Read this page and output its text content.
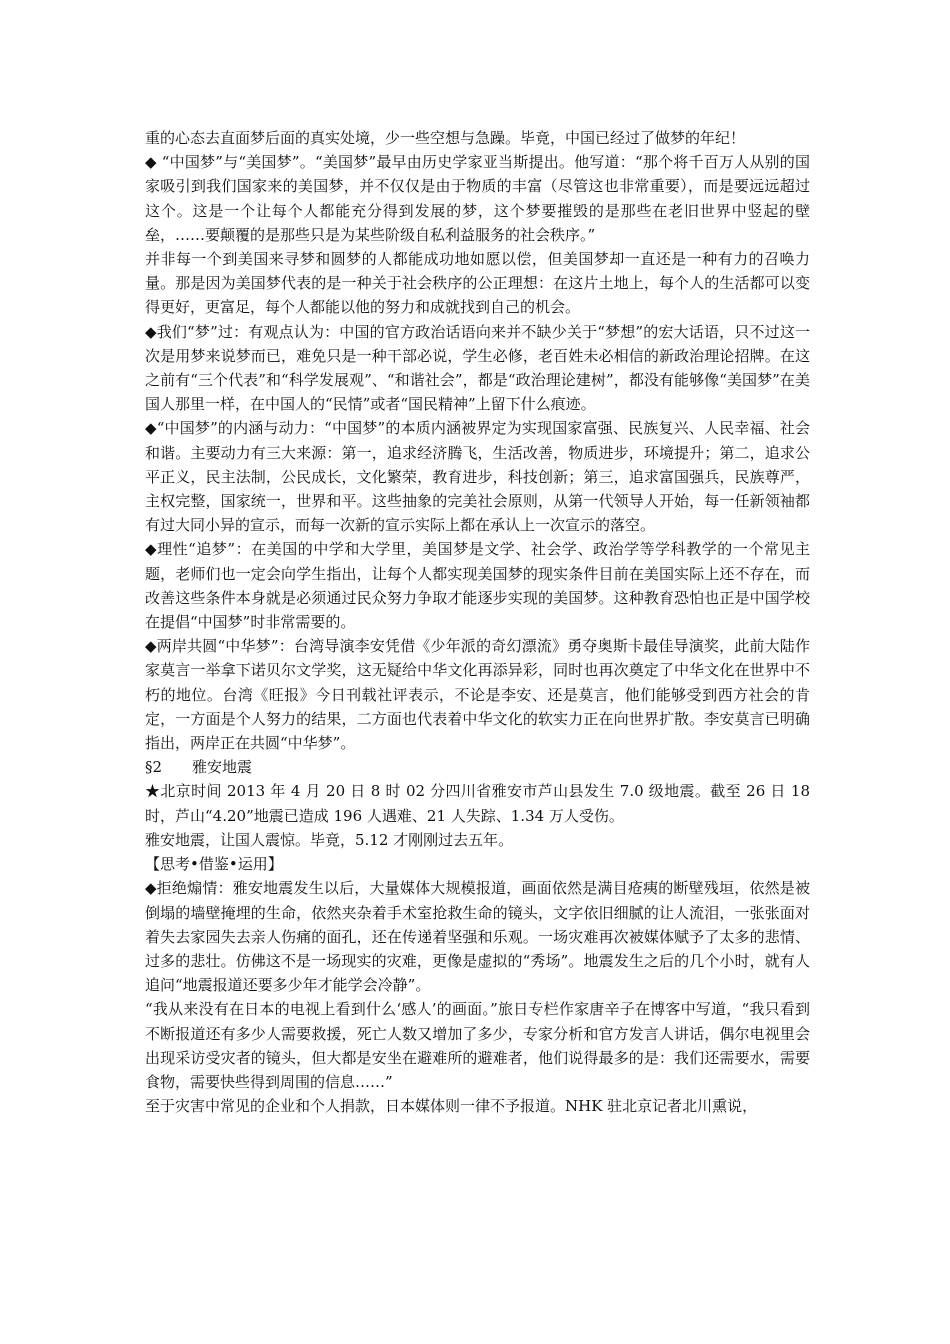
重的心态去直面梦后面的真实处境，少一些空想与急躁。毕竟，中国已经过了做梦的年纪！

◆ “中国梦”与“美国梦”。“美国梦”最早由历史学家亚当斯提出。他写道：“那个将千百万人从别的国家吸引到我们国家来的美国梦，并不仅仅是由于物质的丰富（尽管这也非常重要），而是要远远超过这个。这是一个让每个人都能充分得到发展的梦，这个梦要摧毁的是那些在老旧世界中竖起的壁垒，……要颠覆的是那些只是为某些阶级自私利益服务的社会秩序。”

并非每一个到美国来寻梦和圆梦的人都能成功地如愿以偿，但美国梦却一直还是一种有力的召唤力量。那是因为美国梦代表的是一种关于社会秩序的公正理想：在这片土地上，每个人的生活都可以变得更好，更富足，每个人都能以他的努力和成就找到自己的机会。

◆我们“梦”过：有观点认为：中国的官方政治话语向来并不缺少关于“梦想”的宏大话语，只不过这一次是用梦来说梦而已，难免只是一种干部必说，学生必修，老百姓未必相信的新政治理论招牌。在这之前有“三个代表”和“科学发展观”、“和谐社会”，都是“政治理论建树”，都没有能够像“美国梦”在美国人那里一样，在中国人的“民情”或者“国民精神”上留下什么痕迹。

◆“中国梦”的内涵与动力：“中国梦”的本质内涵被界定为实现国家富强、民族复兴、人民幸福、社会和谐。主要动力有三大来源：第一，追求经济腾飞，生活改善，物质进步，环境提升；第二，追求公平正义，民主法制，公民成长，文化繁荣，教育进步，科技创新；第三，追求富国强兵，民族尊严，主权完整，国家统一，世界和平。这些抽象的完美社会原则，从第一代领导人开始，每一任新领袖都有过大同小异的宣示，而每一次新的宣示实际上都在承认上一次宣示的落空。

◆理性“追梦”：在美国的中学和大学里，美国梦是文学、社会学、政治学等学科教学的一个常见主题，老师们也一定会向学生指出，让每个人都实现美国梦的现实条件目前在美国实际上还不存在，而改善这些条件本身就是必须通过民众努力争取才能逐步实现的美国梦。这种教育恐怕也正是中国学校在提倡“中国梦”时非常需要的。

◆两岸共圆“中华梦”：台湾导演李安凭借《少年派的奇幻漂流》勇夺奥斯卡最佳导演奖，此前大陆作家莫言一举拿下诺贝尔文学奖，这无疑给中华文化再添异彩，同时也再次奠定了中华文化在世界中不朽的地位。台湾《旺报》今日刊载社评表示，不论是李安、还是莫言，他们能够受到西方社会的肯定，一方面是个人努力的结果，二方面也代表着中华文化的软实力正在向世界扩散。李安莫言已明确指出，两岸正在共圆“中华梦”。

§2　　雅安地震

★北京时间 2013 年 4 月 20 日 8 时 02 分四川省雅安市芦山县发生 7.0 级地震。截至 26 日 18 时，芦山“4.20”地震已造成 196 人遇难、21 人失踪、1.34 万人受伤。

雅安地震，让国人震惊。毕竟，5.12 才刚刚过去五年。

【思考•借鉴•运用】

◆拒绝煽情：雅安地震发生以后，大量媒体大规模报道，画面依然是满目疮痍的断壁残垣，依然是被倒塌的墙壁掩埋的生命，依然夹杂着手术室抢救生命的镜头，文字依旧细腻的让人流泪，一张张面对着失去家园失去亲人伤痛的面孔，还在传递着坚强和乐观。一场灾难再次被媒体赋予了太多的悲情、过多的悲壮。仿佛这不是一场现实的灾难，更像是虚拟的“秀场”。地震发生之后的几个小时，就有人追问“地震报道还要多少年才能学会冷静”。

“我从来没有在日本的电视上看到什么‘感人’的画面。”旅日专栏作家唐辛子在博客中写道，“我只看到不断报道还有多少人需要救援，死亡人数又增加了多少，专家分析和官方发言人讲话，偶尔电视里会出现采访受灾者的镜头，但大都是安坐在避难所的避难者，他们说得最多的是：我们还需要水，需要食物，需要快些得到周围的信息……”

至于灾害中常见的企业和个人捐款，日本媒体则一律不予报道。NHK 驻北京记者北川熏说，
